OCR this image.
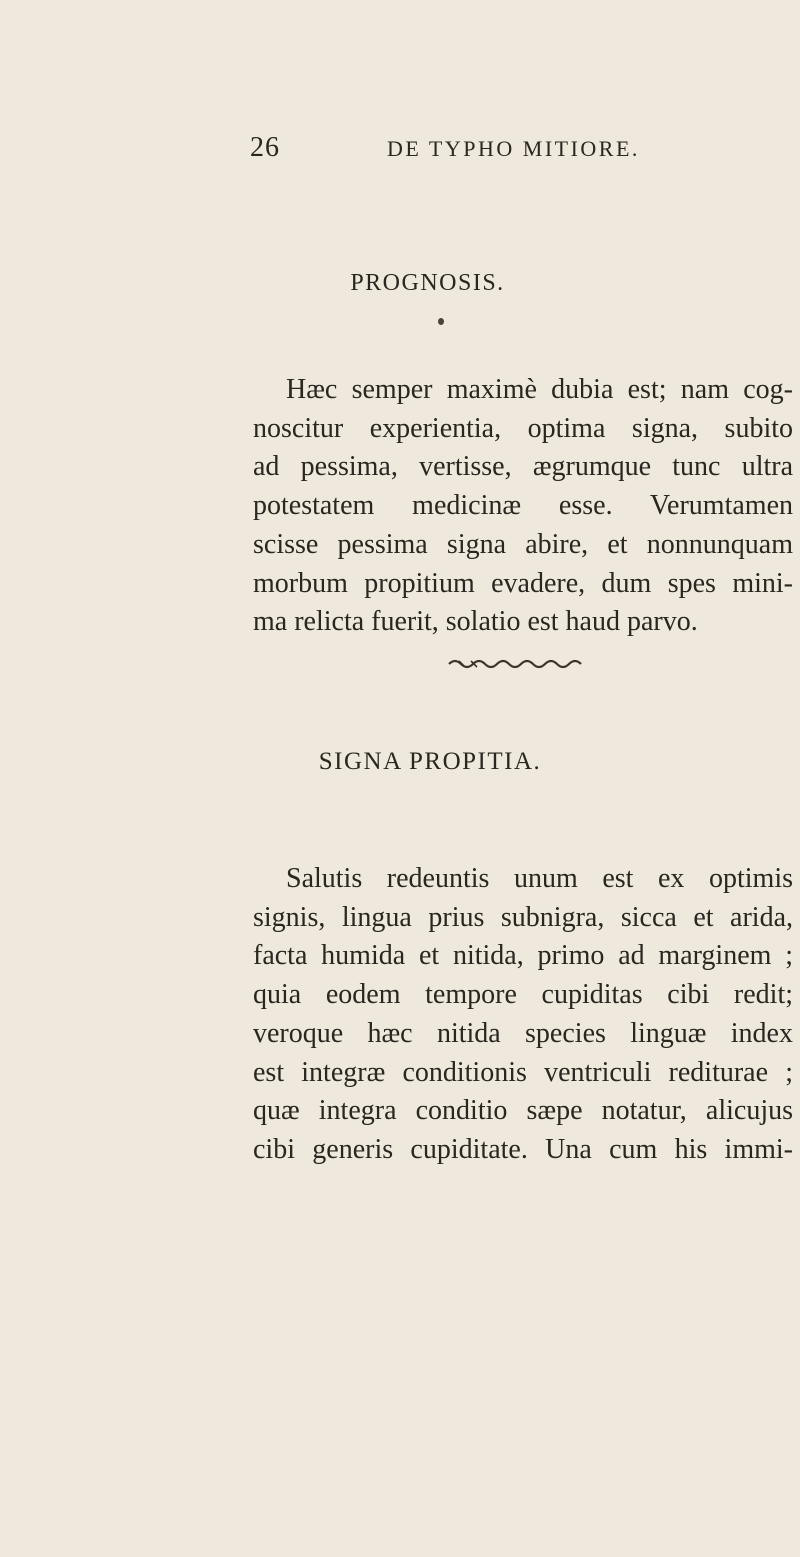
26	DE TYPHO MITIORE.
PROGNOSIS.
Hæc semper maximè dubia est; nam cog-
noscitur experientia, optima signa, subito
ad pessima, vertisse, ægrumque tunc ultra
potestatem medicinæ esse. Verumtamen
scisse pessima signa abire, et nonnunquam
morbum propitium evadere, dum spes mini-
ma relicta fuerit, solatio est haud parvo.
SIGNA PROPITIA.
Salutis redeuntis unum est ex optimis
signis, lingua prius subnigra, sicca et arida,
facta humida et nitida, primo ad marginem ;
quia eodem tempore cupiditas cibi redit;
veroque hæc nitida species linguæ index
est integræ conditionis ventriculi rediturae ;
quæ integra conditio sæpe notatur, alicujus
cibi generis cupiditate. Una cum his immi-
